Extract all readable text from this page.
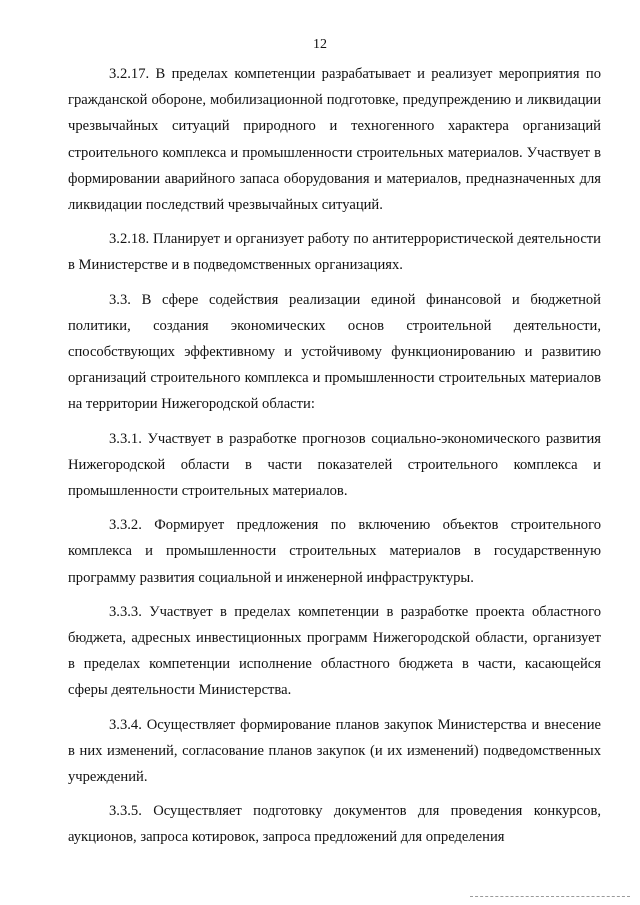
12

3.2.17. В пределах компетенции разрабатывает и реализует мероприятия по гражданской обороне, мобилизационной подготовке, предупреждению и ликвидации чрезвычайных ситуаций природного и техногенного характера организаций строительного комплекса и промышленности строительных материалов. Участвует в формировании аварийного запаса оборудования и материалов, предназначенных для ликвидации последствий чрезвычайных ситуаций.

3.2.18. Планирует и организует работу по антитеррористической деятельности в Министерстве и в подведомственных организациях.

3.3. В сфере содействия реализации единой финансовой и бюджетной политики, создания экономических основ строительной деятельности, способствующих эффективному и устойчивому функционированию и развитию организаций строительного комплекса и промышленности строительных материалов на территории Нижегородской области:

3.3.1. Участвует в разработке прогнозов социально-экономического развития Нижегородской области в части показателей строительного комплекса и промышленности строительных материалов.

3.3.2. Формирует предложения по включению объектов строительного комплекса и промышленности строительных материалов в государственную программу развития социальной и инженерной инфраструктуры.

3.3.3. Участвует в пределах компетенции в разработке проекта областного бюджета, адресных инвестиционных программ Нижегородской области, организует в пределах компетенции исполнение областного бюджета в части, касающейся сферы деятельности Министерства.

3.3.4. Осуществляет формирование планов закупок Министерства и внесение в них изменений, согласование планов закупок (и их изменений) подведомственных учреждений.

3.3.5. Осуществляет подготовку документов для проведения конкурсов, аукционов, запроса котировок, запроса предложений для определения
